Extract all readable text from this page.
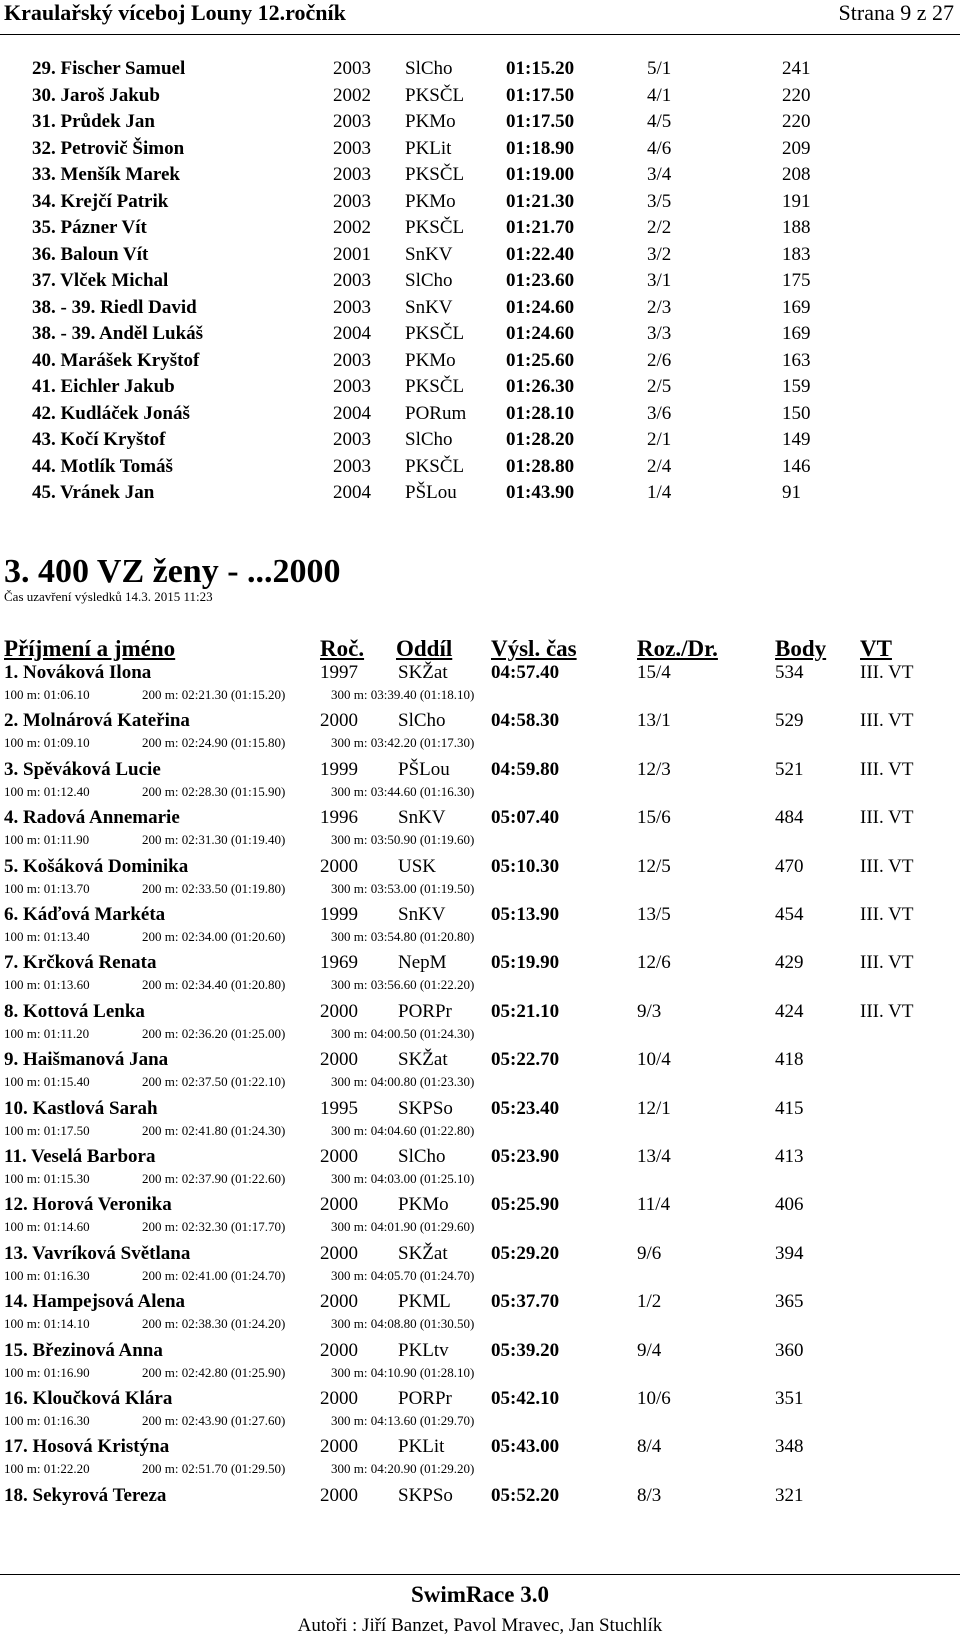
Kraulařský víceboj Louny 12.ročník	Strana 9 z 27
29. Fischer Samuel	2003 SlCho	01:15.20	5/1	241
30. Jaroš Jakub	2002 PKSČL 01:17.50	4/1	220
31. Průdek Jan	2003 PKMo	01:17.50	4/5	220
32. Petrovič Šimon	2003 PKLit	01:18.90	4/6	209
33. Menšík Marek	2003 PKSČL 01:19.00	3/4	208
34. Krejčí Patrik	2003 PKMo	01:21.30	3/5	191
35. Pázner Vít	2002 PKSČL 01:21.70	2/2	188
36. Baloun Vít	2001 SnKV	01:22.40	3/2	183
37. Vlček Michal	2003 SlCho	01:23.60	3/1	175
38. - 39. Riedl David	2003 SnKV	01:24.60	2/3	169
38. - 39. Anděl Lukáš	2004 PKSČL 01:24.60	3/3	169
40. Marášek Kryštof	2003 PKMo	01:25.60	2/6	163
41. Eichler Jakub	2003 PKSČL 01:26.30	2/5	159
42. Kudláček Jonáš	2004 PORum 01:28.10	3/6	150
43. Kočí Kryštof	2003 SlCho	01:28.20	2/1	149
44. Motlík Tomáš	2003 PKSČL 01:28.80	2/4	146
45. Vránek Jan	2004 PŠLou	01:43.90	1/4	91
3. 400 VZ ženy - ...2000
Čas uzavření výsledků 14.3. 2015 11:23
Příjmení a jméno	Roč. Oddíl Výsl. čas	Roz./Dr. Body VT
1. Nováková Ilona	1997 SKŽat 04:57.40	15/4	534	III. VT
100 m: 01:06.10	200 m: 02:21.30 (01:15.20)	300 m: 03:39.40 (01:18.10)
2. Molnárová Kateřina	2000 SlCho 04:58.30	13/1	529	III. VT
100 m: 01:09.10	200 m: 02:24.90 (01:15.80)	300 m: 03:42.20 (01:17.30)
3. Spěváková Lucie	1999 PŠLou 04:59.80	12/3	521	III. VT
100 m: 01:12.40	200 m: 02:28.30 (01:15.90)	300 m: 03:44.60 (01:16.30)
4. Radová Annemarie	1996 SnKV 05:07.40	15/6	484	III. VT
100 m: 01:11.90	200 m: 02:31.30 (01:19.40)	300 m: 03:50.90 (01:19.60)
5. Košáková Dominika	2000 USK	05:10.30	12/5	470	III. VT
100 m: 01:13.70	200 m: 02:33.50 (01:19.80)	300 m: 03:53.00 (01:19.50)
6. Káďová Markéta	1999 SnKV 05:13.90	13/5	454	III. VT
100 m: 01:13.40	200 m: 02:34.00 (01:20.60)	300 m: 03:54.80 (01:20.80)
7. Krčková Renata	1969 NepM 05:19.90	12/6	429	III. VT
100 m: 01:13.60	200 m: 02:34.40 (01:20.80)	300 m: 03:56.60 (01:22.20)
8. Kottová Lenka	2000 PORPr 05:21.10	9/3	424	III. VT
100 m: 01:11.20	200 m: 02:36.20 (01:25.00)	300 m: 04:00.50 (01:24.30)
9. Haišmanová Jana	2000 SKŽat 05:22.70	10/4	418
100 m: 01:15.40	200 m: 02:37.50 (01:22.10)	300 m: 04:00.80 (01:23.30)
10. Kastlová Sarah	1995 SKPSo 05:23.40	12/1	415
100 m: 01:17.50	200 m: 02:41.80 (01:24.30)	300 m: 04:04.60 (01:22.80)
11. Veselá Barbora	2000 SlCho 05:23.90	13/4	413
100 m: 01:15.30	200 m: 02:37.90 (01:22.60)	300 m: 04:03.00 (01:25.10)
12. Horová Veronika	2000 PKMo 05:25.90	11/4	406
100 m: 01:14.60	200 m: 02:32.30 (01:17.70)	300 m: 04:01.90 (01:29.60)
13. Vavríková Světlana	2000 SKŽat 05:29.20	9/6	394
100 m: 01:16.30	200 m: 02:41.00 (01:24.70)	300 m: 04:05.70 (01:24.70)
14. Hampejsová Alena	2000 PKML 05:37.70	1/2	365
100 m: 01:14.10	200 m: 02:38.30 (01:24.20)	300 m: 04:08.80 (01:30.50)
15. Březinová Anna	2000 PKLtv 05:39.20	9/4	360
100 m: 01:16.90	200 m: 02:42.80 (01:25.90)	300 m: 04:10.90 (01:28.10)
16. Kloučková Klára	2000 PORPr 05:42.10	10/6	351
100 m: 01:16.30	200 m: 02:43.90 (01:27.60)	300 m: 04:13.60 (01:29.70)
17. Hosová Kristýna	2000 PKLit 05:43.00	8/4	348
100 m: 01:22.20	200 m: 02:51.70 (01:29.50)	300 m: 04:20.90 (01:29.20)
18. Sekyrová Tereza	2000 SKPSo 05:52.20	8/3	321
SwimRace 3.0
Autoři : Jiří Banzet, Pavol Mravec, Jan Stuchlík
